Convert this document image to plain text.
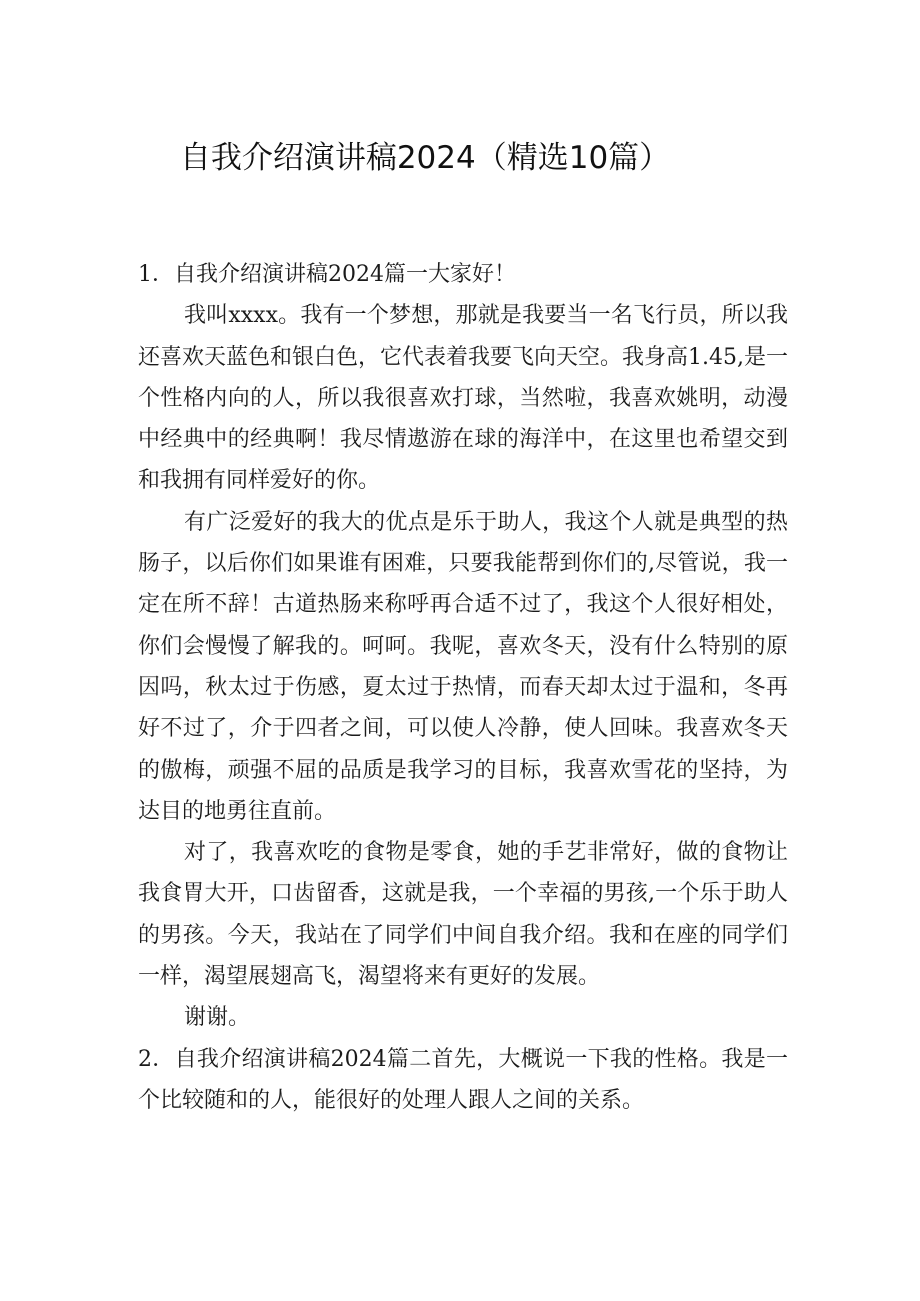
自我介绍演讲稿2024（精选10篇）

1．自我介绍演讲稿2024篇一大家好！

我叫xxxx。我有一个梦想，那就是我要当一名飞行员，所以我还喜欢天蓝色和银白色，它代表着我要飞向天空。我身高1.45,是一个性格内向的人，所以我很喜欢打球，当然啦，我喜欢姚明，动漫中经典中的经典啊！我尽情遨游在球的海洋中，在这里也希望交到和我拥有同样爱好的你。

有广泛爱好的我大的优点是乐于助人，我这个人就是典型的热肠子，以后你们如果谁有困难，只要我能帮到你们的,尽管说，我一定在所不辞！古道热肠来称呼再合适不过了，我这个人很好相处，你们会慢慢了解我的。呵呵。我呢，喜欢冬天，没有什么特别的原因吗，秋太过于伤感，夏太过于热情，而春天却太过于温和，冬再好不过了，介于四者之间，可以使人冷静，使人回味。我喜欢冬天的傲梅，顽强不屈的品质是我学习的目标，我喜欢雪花的坚持，为达目的地勇往直前。

对了，我喜欢吃的食物是零食，她的手艺非常好，做的食物让我食胃大开，口齿留香，这就是我，一个幸福的男孩,一个乐于助人的男孩。今天，我站在了同学们中间自我介绍。我和在座的同学们一样，渴望展翅高飞，渴望将来有更好的发展。

谢谢。

2．自我介绍演讲稿2024篇二首先，大概说一下我的性格。我是一个比较随和的人，能很好的处理人跟人之间的关系。
